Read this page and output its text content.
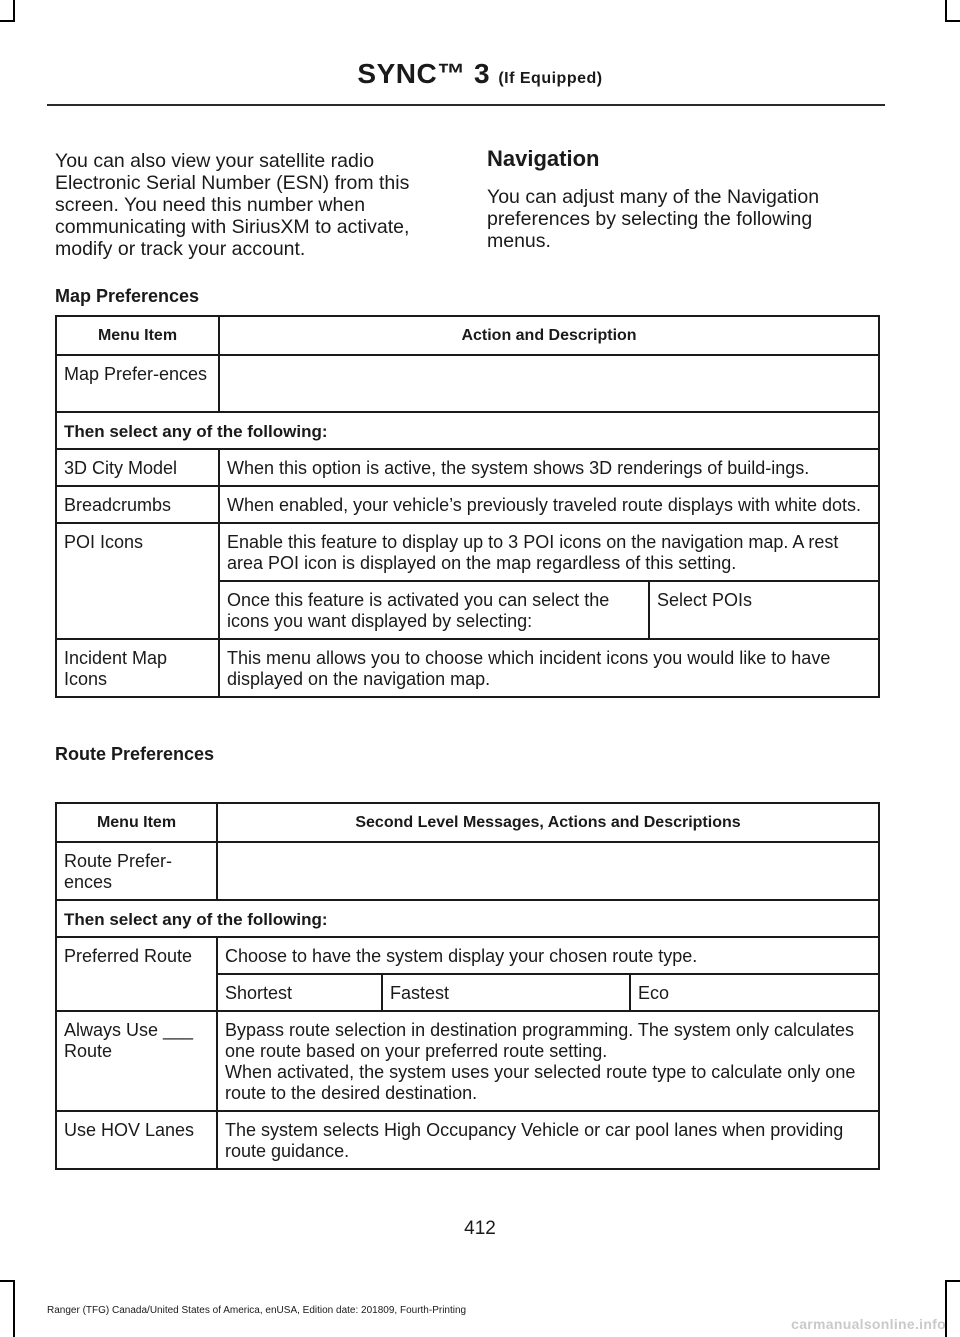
SYNC™ 3 (If Equipped)
You can also view your satellite radio Electronic Serial Number (ESN) from this screen. You need this number when communicating with SiriusXM to activate, modify or track your account.
Navigation
You can adjust many of the Navigation preferences by selecting the following menus.
Map Preferences
Menu Item	Action and Description	
Map Prefer-ences		
Then select any of the following:		
3D City Model	When this option is active, the system shows 3D renderings of build-ings.	
Breadcrumbs	When enabled, your vehicle’s previously traveled route displays with white dots.	
POI Icons	Enable this feature to display up to 3 POI icons on the navigation map. A rest area POI icon is displayed on the map regardless of this setting.	
	Once this feature is activated you can select the icons you want displayed by selecting:	Select POIs
Incident Map Icons	This menu allows you to choose which incident icons you would like to have displayed on the navigation map.	
Route Preferences
Menu Item	Second Level Messages, Actions and Descriptions		
Route Prefer-ences			
Then select any of the following:			
Preferred Route	Choose to have the system display your chosen route type.		
	Shortest	Fastest	Eco
Always Use ___ Route	Bypass route selection in destination programming. The system only calculates one route based on your preferred route setting.
When activated, the system uses your selected route type to calculate only one route to the desired destination.		

Use HOV Lanes	The system selects High Occupancy Vehicle or car pool lanes when providing route guidance.		
412
Ranger (TFG) Canada/United States of America, enUSA, Edition date: 201809, Fourth-Printing
carmanualsonline.info
